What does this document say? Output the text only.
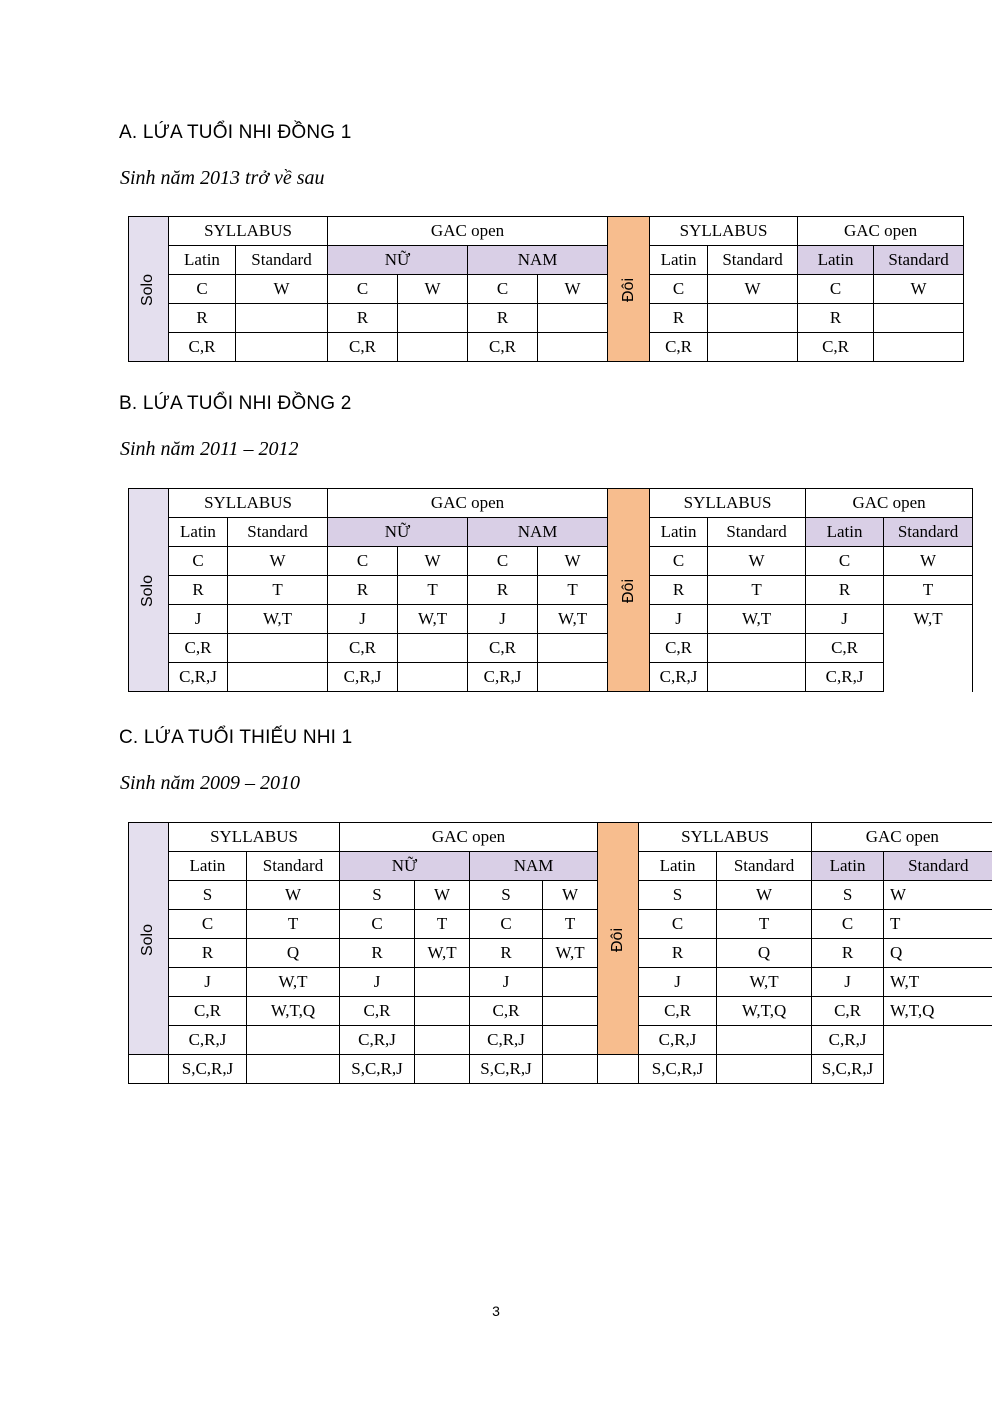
A. LỨA TUỔI NHI ĐỒNG 1

Sinh năm 2013 trở về sau

Solo	SYLLABUS		GAC open				Đôi	SYLLABUS		GAC open	
	Latin	Standard	NỮ		NAM			Latin	Standard	Latin	Standard
	C	W	C	W	C	W		C	W	C	W
	R		R		R			R		R	
	C,R		C,R		C,R			C,R		C,R	
B. LỨA TUỔI NHI ĐỒNG 2

Sinh năm 2011 – 2012

Solo	SYLLABUS		GAC open				Đôi	SYLLABUS		GAC open	
	Latin	Standard	NỮ		NAM			Latin	Standard	Latin	Standard
	C	W	C	W	C	W		C	W	C	W
	R	T	R	T	R	T		R	T	R	T
	J	W,T	J	W,T	J	W,T		J	W,T	J	W,T
	C,R		C,R		C,R			C,R		C,R	
	C,R,J		C,R,J		C,R,J			C,R,J		C,R,J	
C. LỨA TUỔI THIẾU NHI 1

Sinh năm 2009 – 2010

Solo	SYLLABUS		GAC open				Đôi	SYLLABUS		GAC open	
	Latin	Standard	NỮ		NAM			Latin	Standard	Latin	Standard
	S	W	S	W	S	W		S	W	S	W
	C	T	C	T	C	T		C	T	C	T
	R	Q	R	W,T	R	W,T		R	Q	R	Q
	J	W,T	J		J			J	W,T	J	W,T
	C,R	W,T,Q	C,R		C,R			C,R	W,T,Q	C,R	W,T,Q
	C,R,J		C,R,J		C,R,J			C,R,J		C,R,J	
	S,C,R,J		S,C,R,J		S,C,R,J			S,C,R,J		S,C,R,J	
3
